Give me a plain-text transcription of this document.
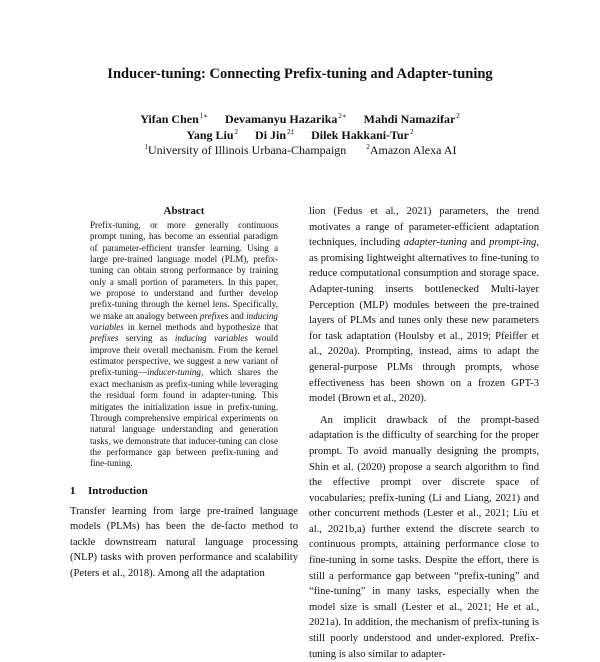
Inducer-tuning: Connecting Prefix-tuning and Adapter-tuning
Yifan Chen$^{1∗}$ Devamanyu Hazarika$^{2∗}$ Mahdi Namazifar$^2$
Yang Liu$^2$ Di Jin$^{2\ddagger}$ Dilek Hakkani-Tur$^2$
$^1$University of Illinois Urbana-Champaign	$^2$Amazon Alexa AI
Abstract

Prefix-tuning, or more generally continuous prompt tuning, has become an essential paradigm of parameter-efficient transfer learning. Using a large pre-trained language model (PLM), prefix-tuning can obtain strong performance by training only a small portion of parameters. In this paper, we propose to understand and further develop prefix-tuning through the kernel lens. Specifically, we make an analogy between prefixes and inducing variables in kernel methods and hypothesize that prefixes serving as inducing variables would improve their overall mechanism. From the kernel estimator perspective, we suggest a new variant of prefix-tuning—inducer-tuning, which shares the exact mechanism as prefix-tuning while leveraging the residual form found in adapter-tuning. This mitigates the initialization issue in prefix-tuning. Through comprehensive empirical experiments on natural language understanding and generation tasks, we demonstrate that inducer-tuning can close the performance gap between prefix-tuning and fine-tuning.

1 Introduction

Transfer learning from large pre-trained language models (PLMs) has been the de-facto method to tackle downstream natural language processing (NLP) tasks with proven performance and scalability (Peters et al., 2018). Among all the adaptation

lion (Fedus et al., 2021) parameters, the trend motivates a range of parameter-efficient adaptation techniques, including adapter-tuning and prompt-ing, as promising lightweight alternatives to fine-tuning to reduce computational consumption and storage space. Adapter-tuning inserts bottlenecked Multi-layer Perception (MLP) modules between the pre-trained layers of PLMs and tunes only these new parameters for task adaptation (Houlsby et al., 2019; Pfeiffer et al., 2020a). Prompting, instead, aims to adapt the general-purpose PLMs through prompts, whose effectiveness has been shown on a frozen GPT-3 model (Brown et al., 2020).

An implicit drawback of the prompt-based adaptation is the difficulty of searching for the proper prompt. To avoid manually designing the prompts, Shin et al. (2020) propose a search algorithm to find the effective prompt over discrete space of vocabularies; prefix-tuning (Li and Liang, 2021) and other concurrent methods (Lester et al., 2021; Liu et al., 2021b,a) further extend the discrete search to continuous prompts, attaining performance close to fine-tuning in some tasks. Despite the effort, there is still a performance gap between “prefix-tuning” and “fine-tuning” in many tasks, especially when the model size is small (Lester et al., 2021; He et al., 2021a). In addition, the mechanism of prefix-tuning is still poorly understood and under-explored. Prefix-tuning is also similar to adapter-
